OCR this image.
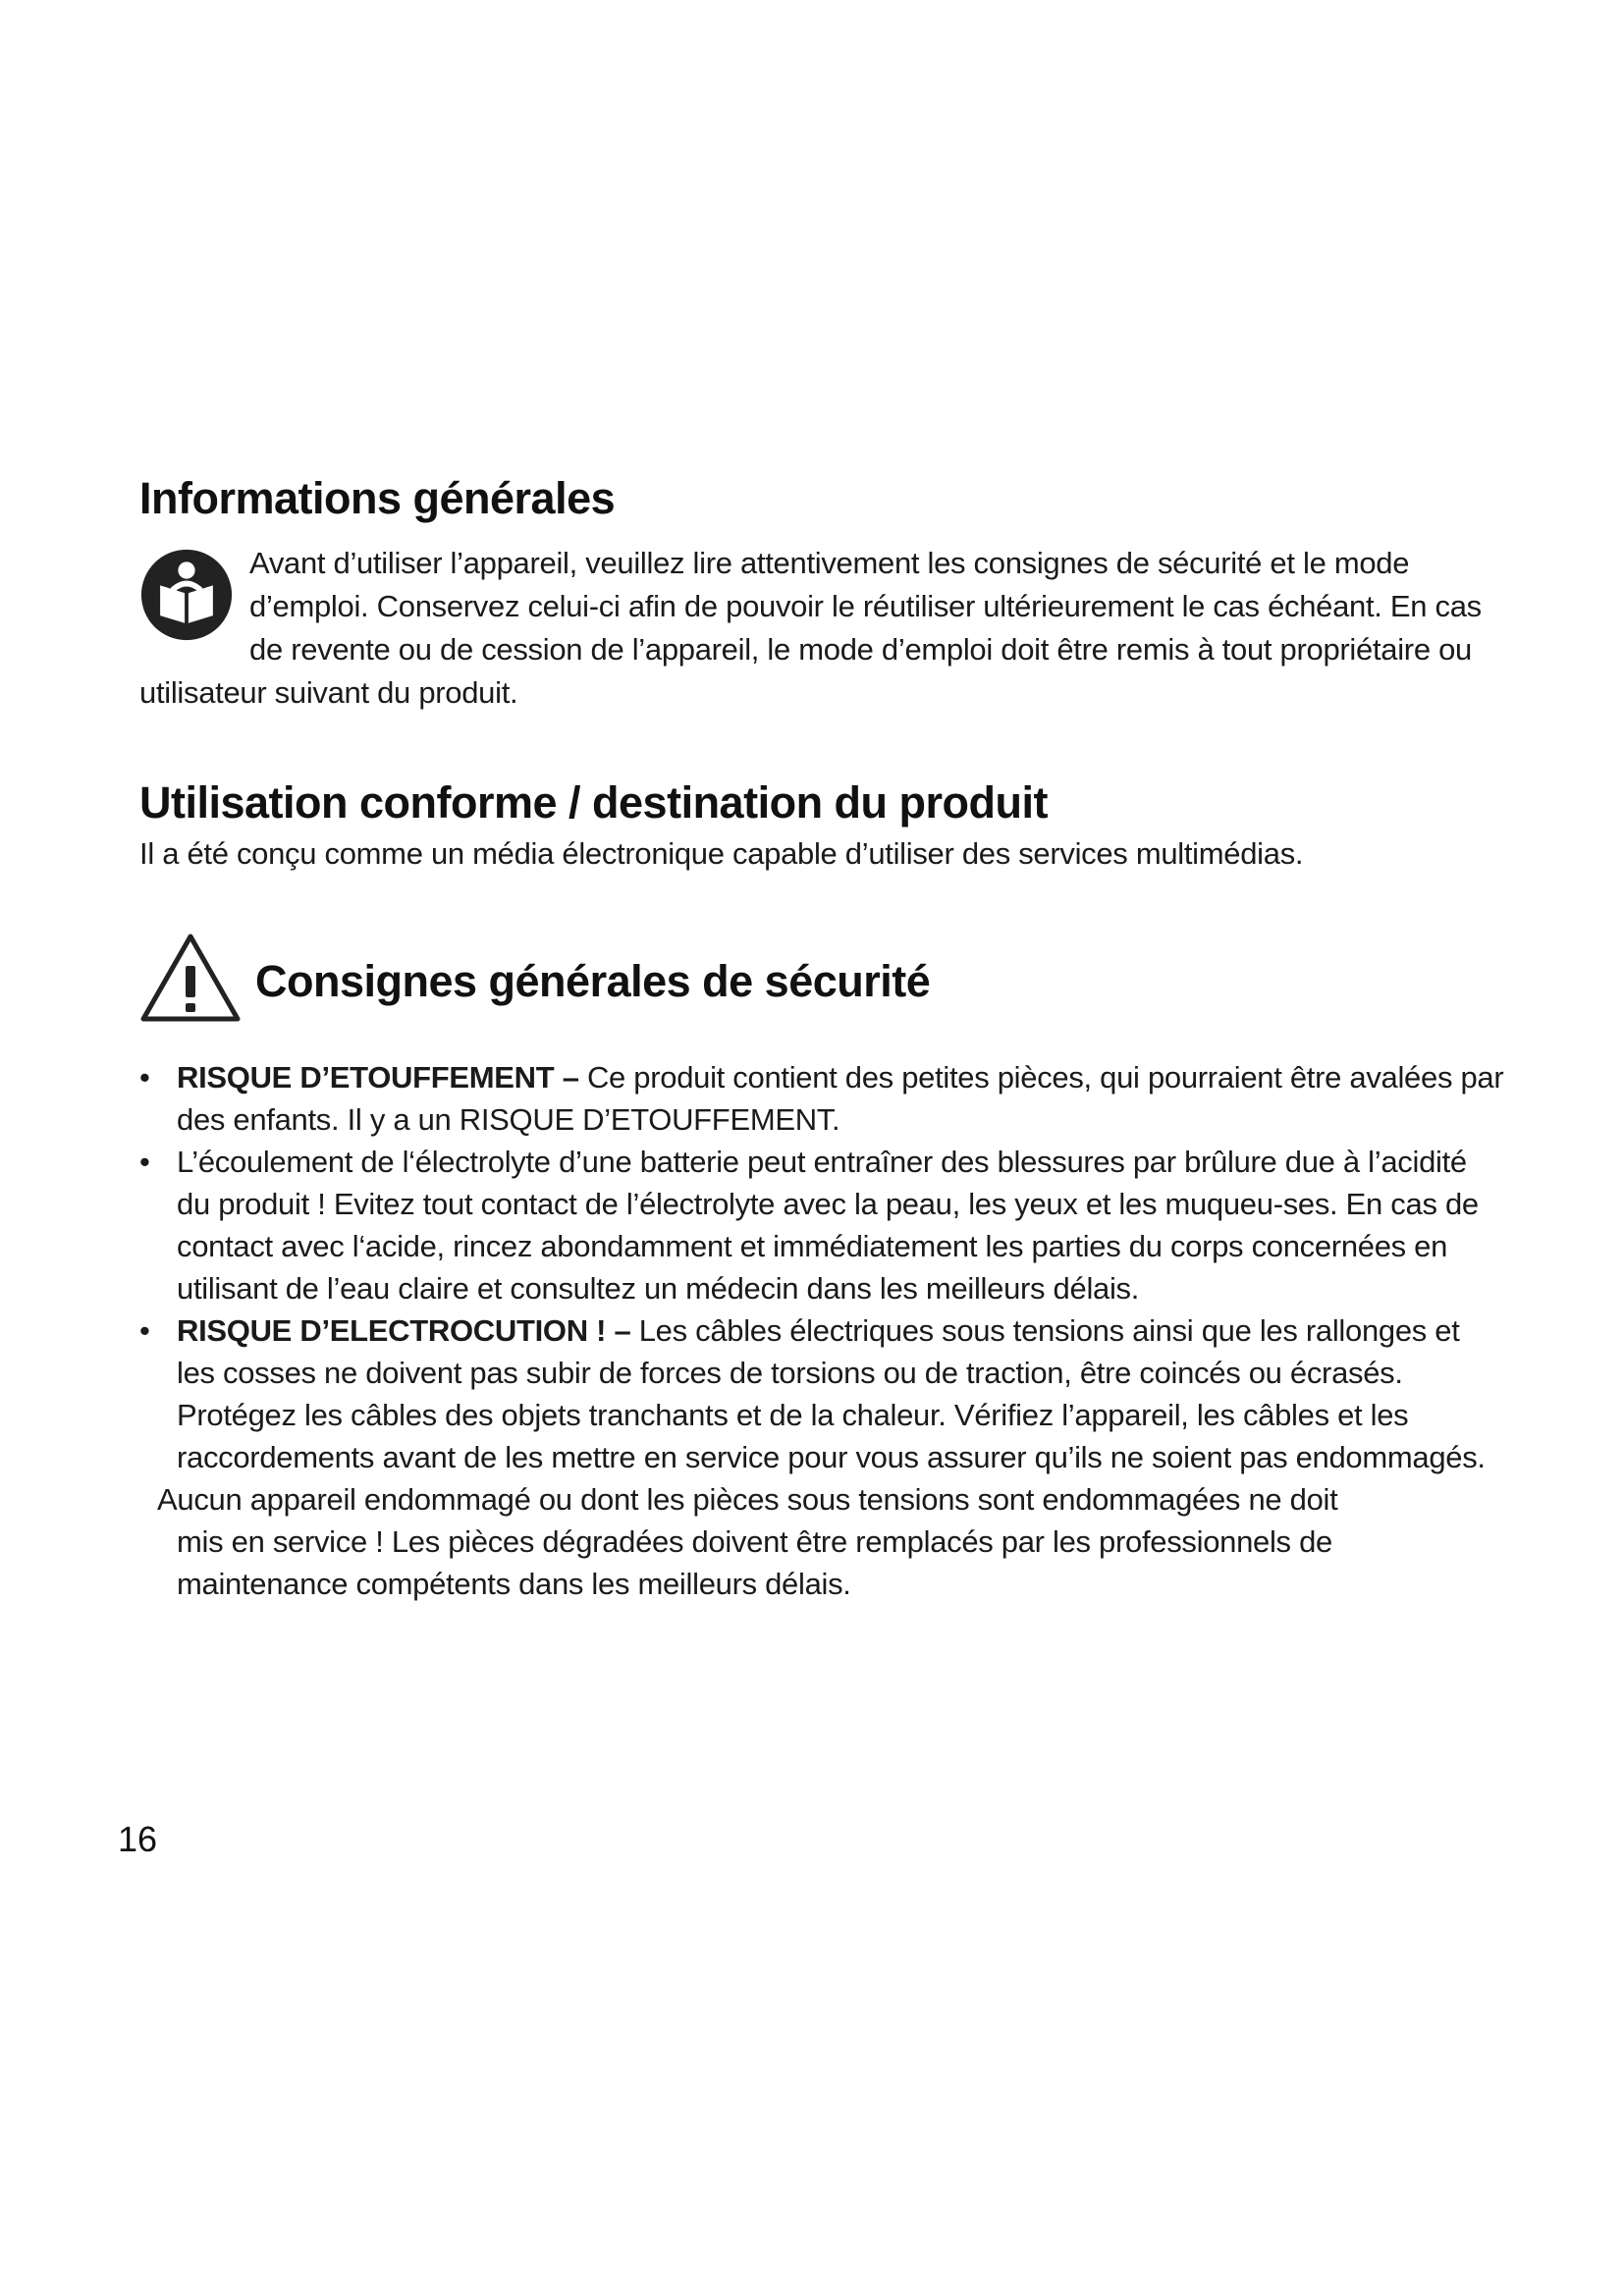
Informations générales

Avant d’utiliser l’appareil, veuillez lire attentivement les consignes de sécurité et le mode d’emploi. Conservez celui-ci afin de pouvoir le réutiliser ultérieurement le cas échéant. En cas de revente ou de cession de l’appareil, le mode d’emploi doit être remis à tout propriétaire ou utilisateur suivant du produit.

Utilisation conforme / destination du produit

Il a été conçu comme un média électronique capable d’utiliser des services multimédias.

Consignes générales de sécurité
• RISQUE D’ETOUFFEMENT – Ce produit contient des petites pièces, qui pourraient être avalées par des enfants. Il y a un RISQUE D’ETOUFFEMENT.
• L’écoulement de l‘électrolyte d’une batterie peut entraîner des blessures par brûlure due à l’acidité du produit ! Evitez tout contact de l’électrolyte avec la peau, les yeux et les muqueu-ses. En cas de contact avec l‘acide, rincez abondamment et immédiatement les parties du corps concernées en utilisant de l’eau claire et consultez un médecin dans les meilleurs délais.
• RISQUE D’ELECTROCUTION ! – Les câbles électriques sous tensions ainsi que les rallonges et les cosses ne doivent pas subir de forces de torsions ou de traction, être coincés ou écrasés. Protégez les câbles des objets tranchants et de la chaleur. Vérifiez l’appareil, les câbles et les raccordements avant de les mettre en service pour vous assurer qu’ils ne soient pas endommagés.
Aucun appareil endommagé ou dont les pièces sous tensions sont endommagées ne doit
mis en service ! Les pièces dégradées doivent être remplacés par les professionnels de maintenance compétents dans les meilleurs délais.
16
